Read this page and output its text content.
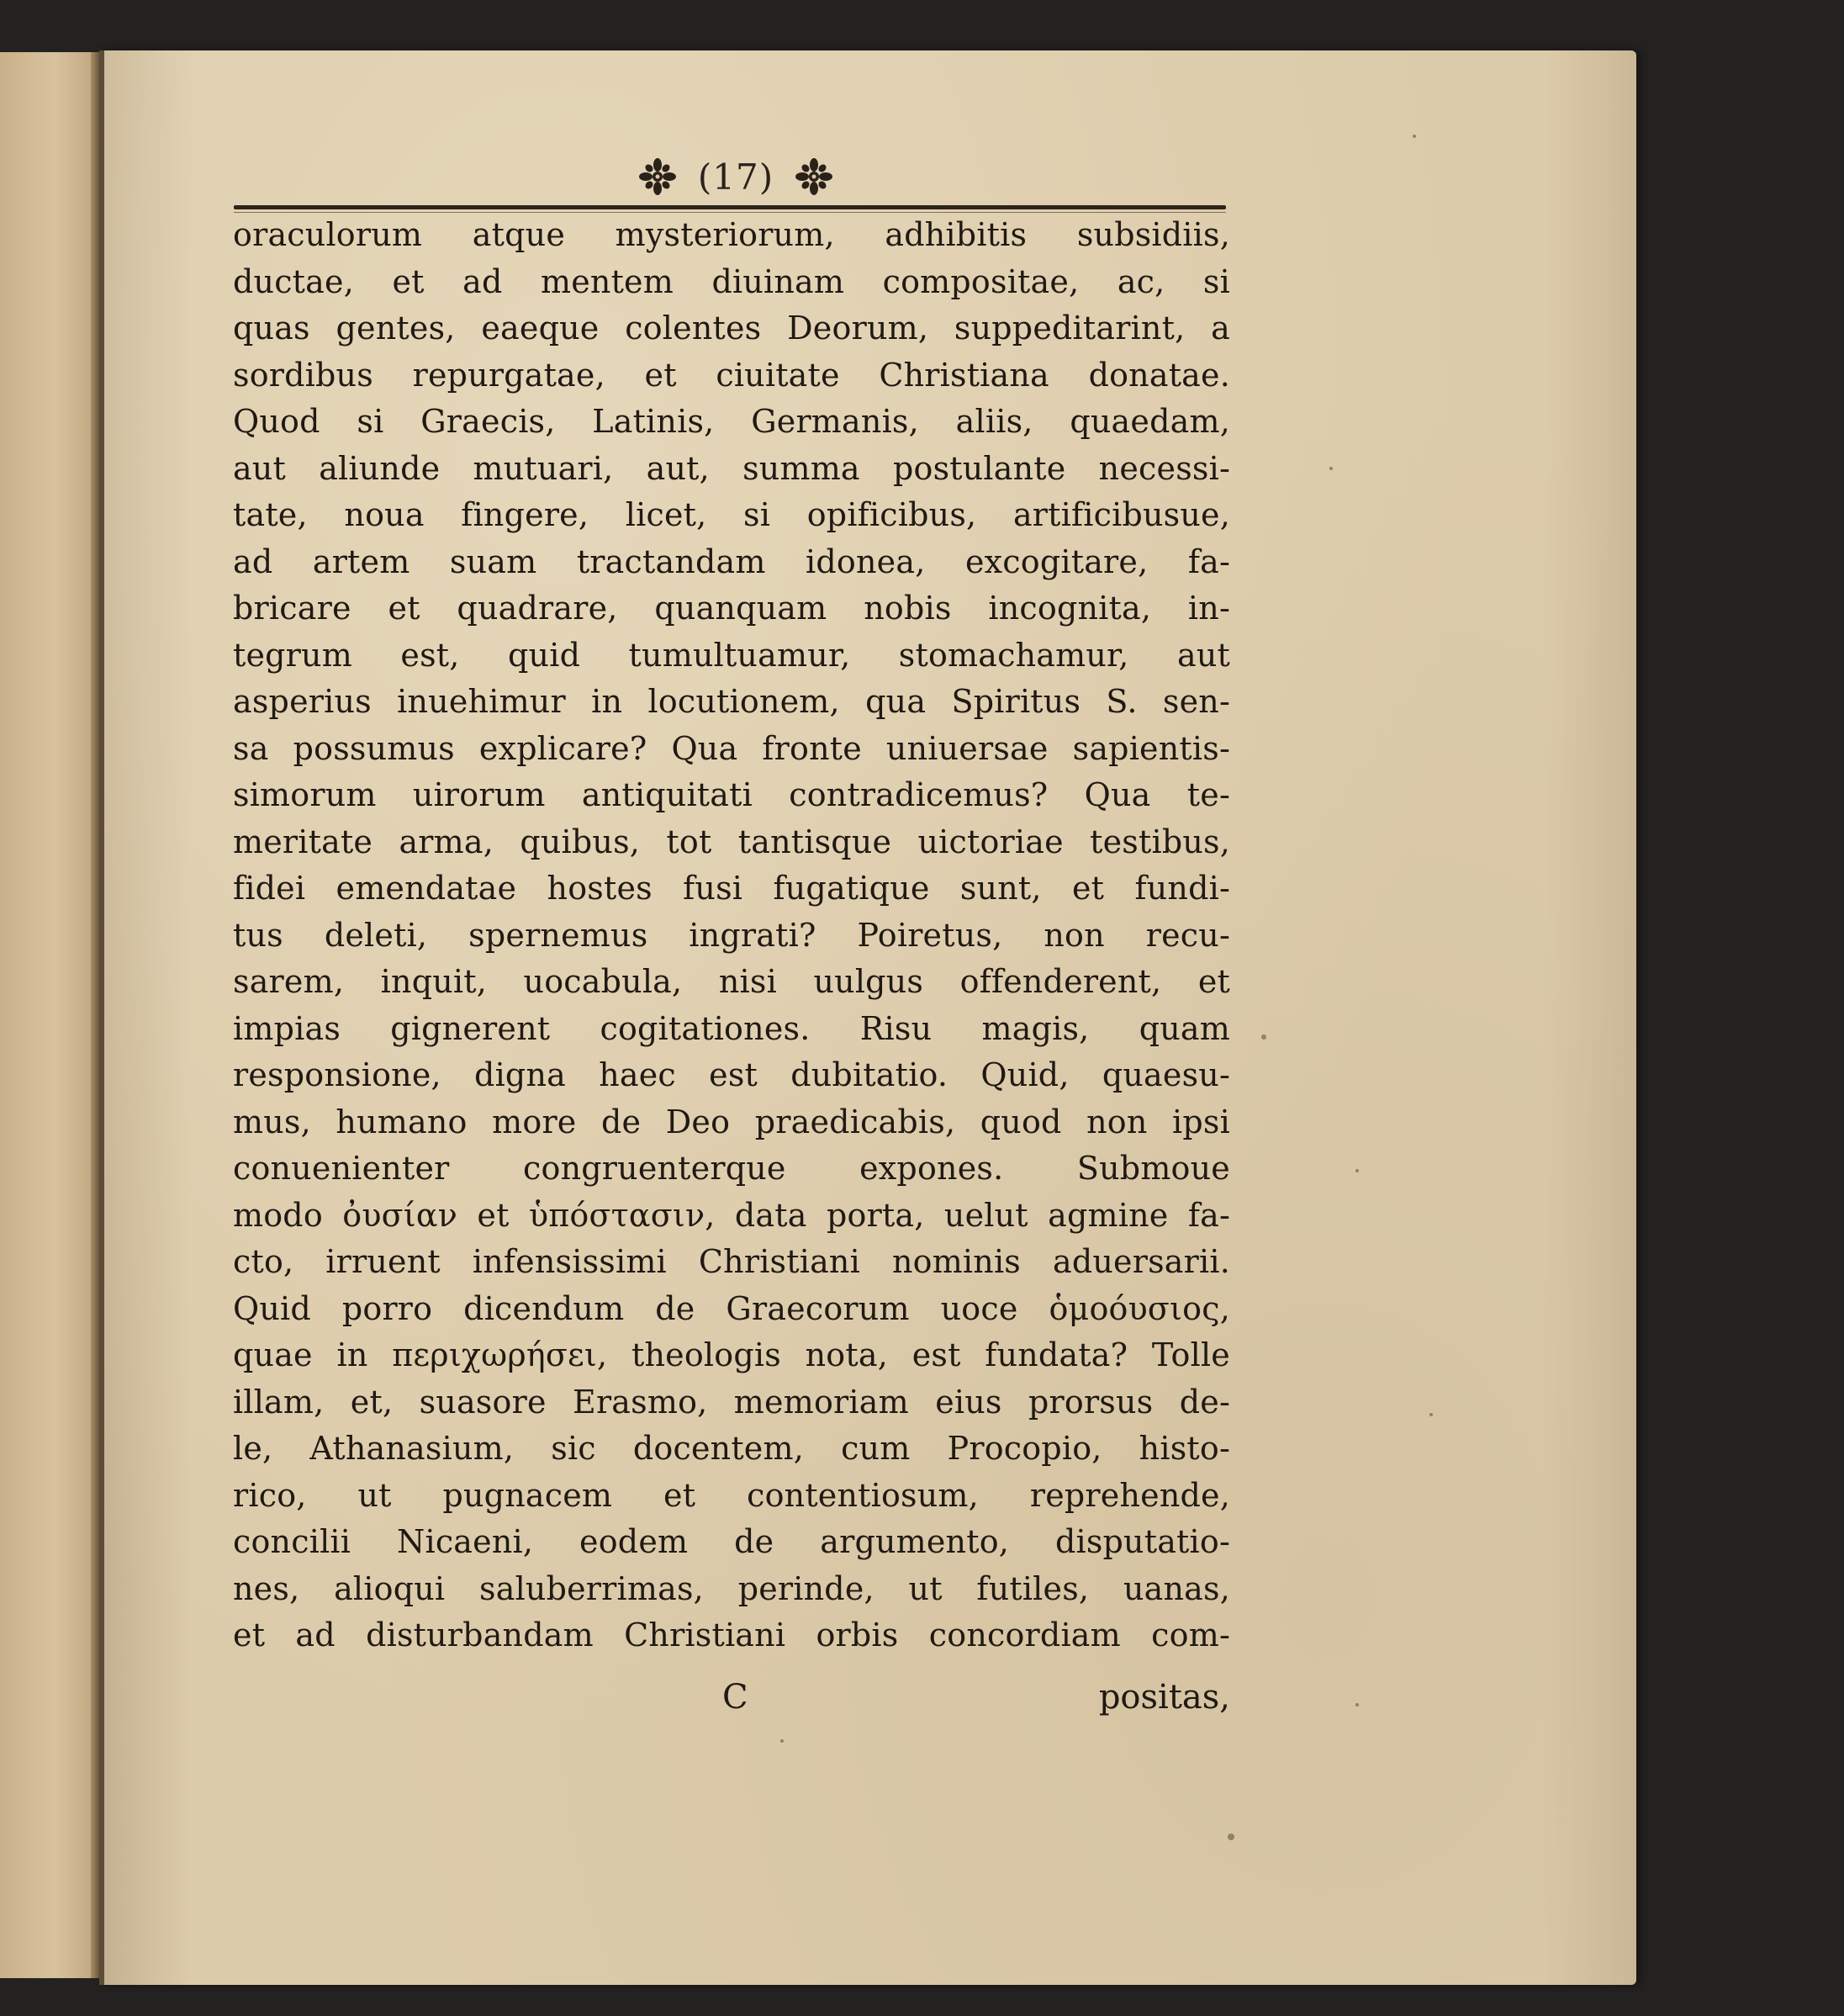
(17)
oraculorum atque mysteriorum, adhibitis subsidiis,
ductae, et ad mentem diuinam compositae, ac, si
quas gentes, eaeque colentes Deorum, suppeditarint, a
sordibus repurgatae, et ciuitate Christiana donatae.
Quod si Graecis, Latinis, Germanis, aliis, quaedam,
aut aliunde mutuari, aut, summa postulante necessi-
tate, noua fingere, licet, si opificibus, artificibusue,
ad artem suam tractandam idonea, excogitare, fa-
bricare et quadrare, quanquam nobis incognita, in-
tegrum est, quid tumultuamur, stomachamur, aut
asperius inuehimur in locutionem, qua Spiritus S. sen-
sa possumus explicare? Qua fronte uniuersae sapientis-
simorum uirorum antiquitati contradicemus? Qua te-
meritate arma, quibus, tot tantisque uictoriae testibus,
fidei emendatae hostes fusi fugatique sunt, et fundi-
tus deleti, spernemus ingrati? Poiretus, non recu-
sarem, inquit, uocabula, nisi uulgus offenderent, et
impias gignerent cogitationes. Risu magis, quam
responsione, digna haec est dubitatio. Quid, quaesu-
mus, humano more de Deo praedicabis, quod non ipsi
conuenienter congruenterque expones. Submoue
modo ὀυσίαν et ὑπόστασιν, data porta, uelut agmine fa-
cto, irruent infensissimi Christiani nominis aduersarii.
Quid porro dicendum de Graecorum uoce ὁμοόυσιος,
quae in περιχωρήσει, theologis nota, est fundata? Tolle
illam, et, suasore Erasmo, memoriam eius prorsus de-
le, Athanasium, sic docentem, cum Procopio, histo-
rico, ut pugnacem et contentiosum, reprehende,
concilii Nicaeni, eodem de argumento, disputatio-
nes, alioqui saluberrimas, perinde, ut futiles, uanas,
et ad disturbandam Christiani orbis concordiam com-
C	positas,
